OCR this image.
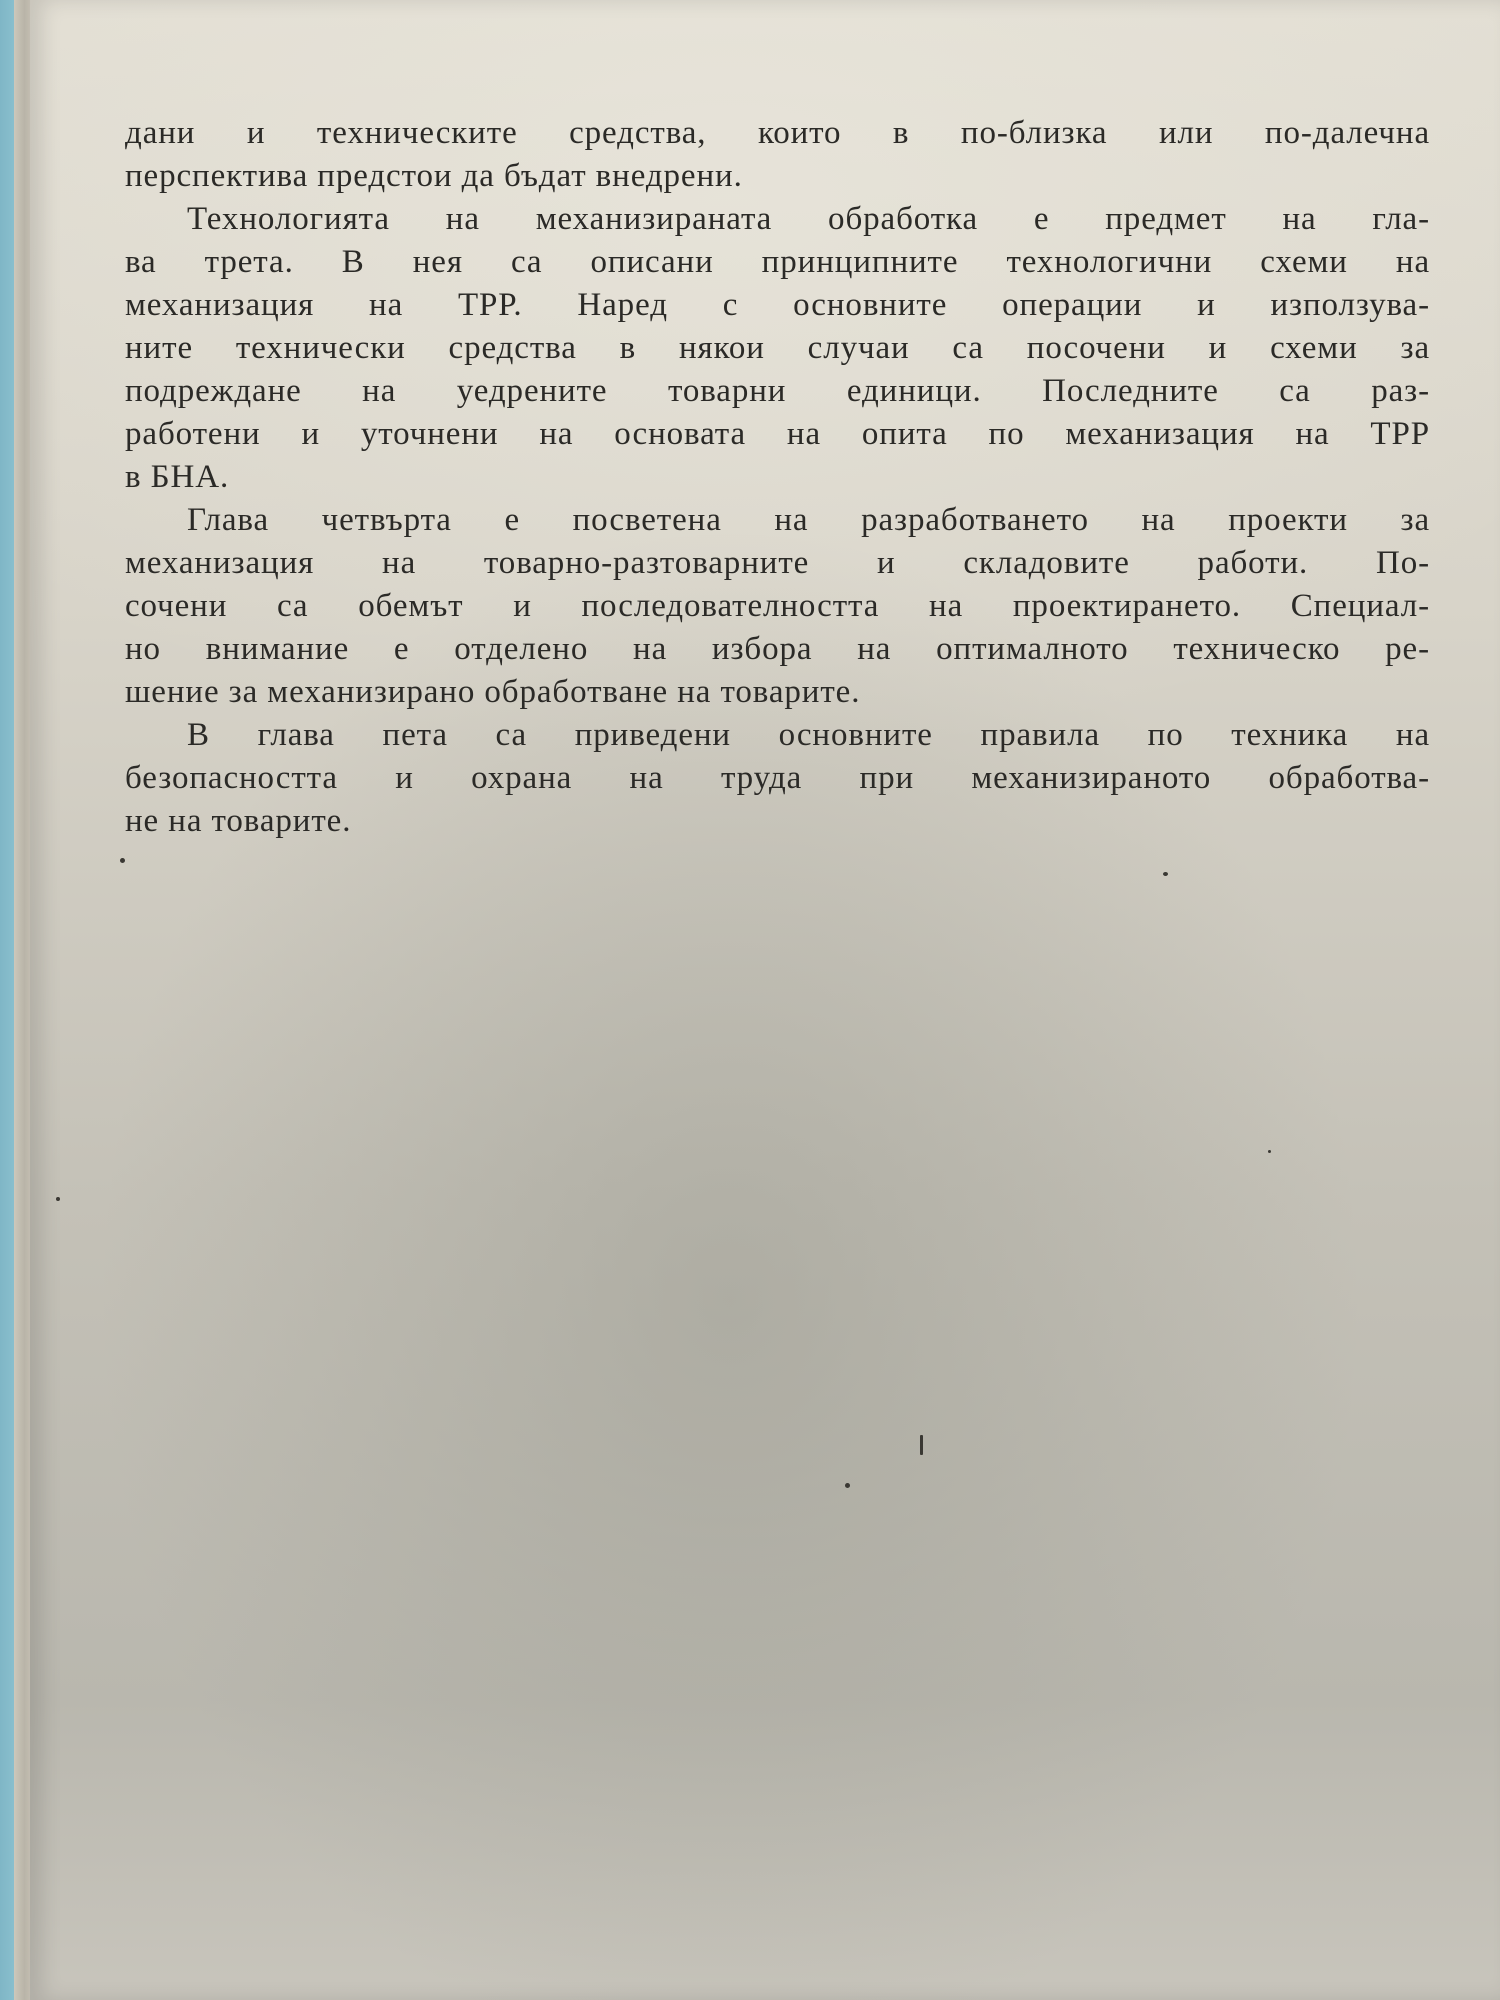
дани и техническите средства, които в по-близка или по-далечна
перспектива предстои да бъдат внедрени.

Технологията на механизираната обработка е предмет на гла-
ва трета. В нея са описани принципните технологични схеми на
механизация на ТРР. Наред с основните операции и използува-
ните технически средства в някои случаи са посочени и схеми за
подреждане на уедрените товарни единици. Последните са раз-
работени и уточнени на основата на опита по механизация на ТРР
в БНА.

Глава четвърта е посветена на разработването на проекти за
механизация на товарно-разтоварните и складовите работи. По-
сочени са обемът и последователността на проектирането. Специал-
но внимание е отделено на избора на оптималното техническо ре-
шение за механизирано обработване на товарите.

В глава пета са приведени основните правила по техника на
безопасността и охрана на труда при механизираното обработва-
не на товарите.
